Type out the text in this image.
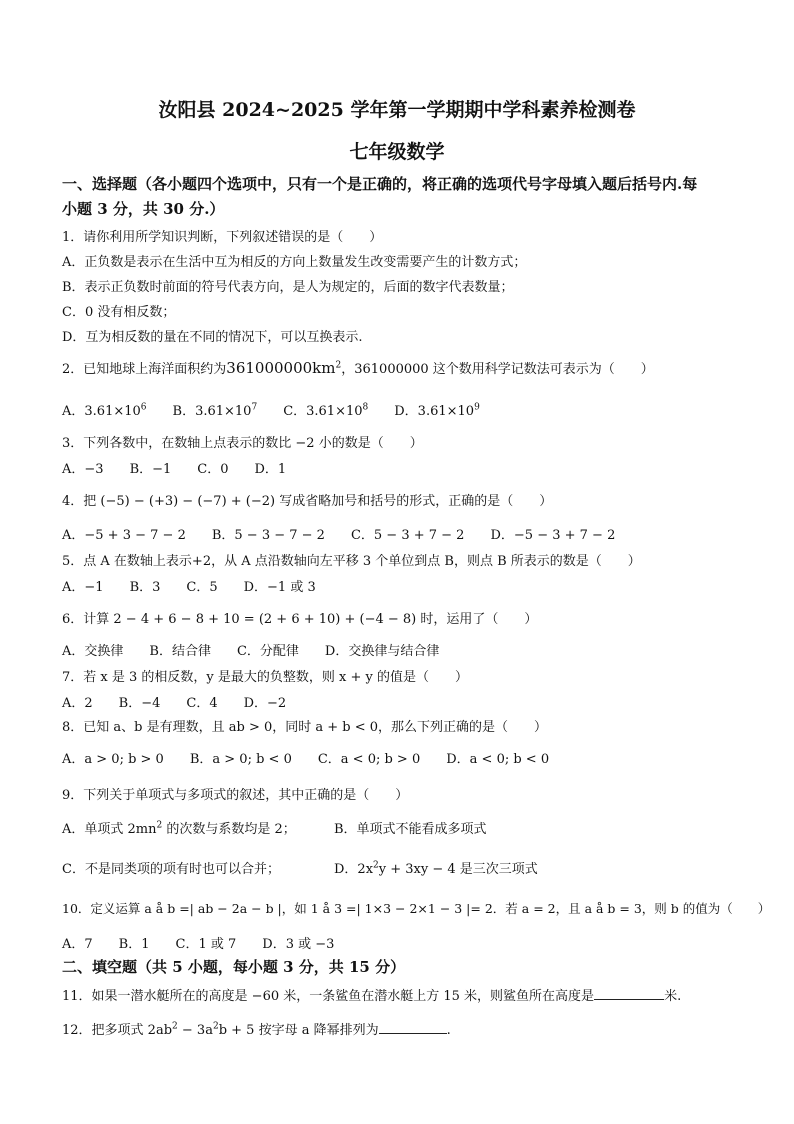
汝阳县 2024~2025 学年第一学期期中学科素养检测卷
七年级数学
一、选择题（各小题四个选项中，只有一个是正确的，将正确的选项代号字母填入题后括号内.每
小题 3 分，共 30 分.）
1．请你利用所学知识判断，下列叙述错误的是（　　）
A．正负数是表示在生活中互为相反的方向上数量发生改变需要产生的计数方式；
B．表示正负数时前面的符号代表方向，是人为规定的，后面的数字代表数量；
C．0 没有相反数；
D．互为相反数的量在不同的情况下，可以互换表示.
2．已知地球上海洋面积约为$361000000km^2$，361000000 这个数用科学记数法可表示为（　　）
A．$3.61\times 10^6$ B．$3.61\times 10^7$ C．$3.61\times 10^8$ D．$3.61\times 10^9$
3．下列各数中，在数轴上点表示的数比 −2 小的数是（　　）
A．−3 B．−1 C．0 D．1
4．把 (−5) − (+3) − (−7) + (−2) 写成省略加号和括号的形式，正确的是（　　）
A．−5 + 3 − 7 − 2 B．5 − 3 − 7 − 2 C．5 − 3 + 7 − 2 D．−5 − 3 + 7 − 2
5．点 A 在数轴上表示+2，从 A 点沿数轴向左平移 3 个单位到点 B，则点 B 所表示的数是（　　）
A．−1 B．3 C．5 D．−1 或 3
6．计算 2 − 4 + 6 − 8 + 10 = (2 + 6 + 10) + (−4 − 8) 时，运用了（　　）
A．交换律 B．结合律 C．分配律 D．交换律与结合律
7．若 x 是 3 的相反数，y 是最大的负整数，则 x + y 的值是（　　）
A．2 B．−4 C．4 D．−2
8．已知 a、b 是有理数，且 ab > 0，同时 a + b < 0，那么下列正确的是（　　）
A．a > 0; b > 0 B．a > 0; b < 0 C．a < 0; b > 0 D．a < 0; b < 0
9．下列关于单项式与多项式的叙述，其中正确的是（　　）
A．单项式 $2mn^2$ 的次数与系数均是 2；	B．单项式不能看成多项式
C．不是同类项的项有时也可以合并；	D．$2x^2y + 3xy - 4$ 是三次三项式
10．定义运算 a å b =| ab − 2a − b |，如 1 å 3 =| 1×3 − 2×1 − 3 |= 2．若 a = 2，且 a å b = 3，则 b 的值为（　　）
A．7 B．1 C．1 或 7 D．3 或 −3
二、填空题（共 5 小题，每小题 3 分，共 15 分）
11．如果一潜水艇所在的高度是 −60 米，一条鲨鱼在潜水艇上方 15 米，则鲨鱼所在高度是	米.
12．把多项式 $2ab^2 - 3a^2b + 5$ 按字母 a 降幂排列为	.
